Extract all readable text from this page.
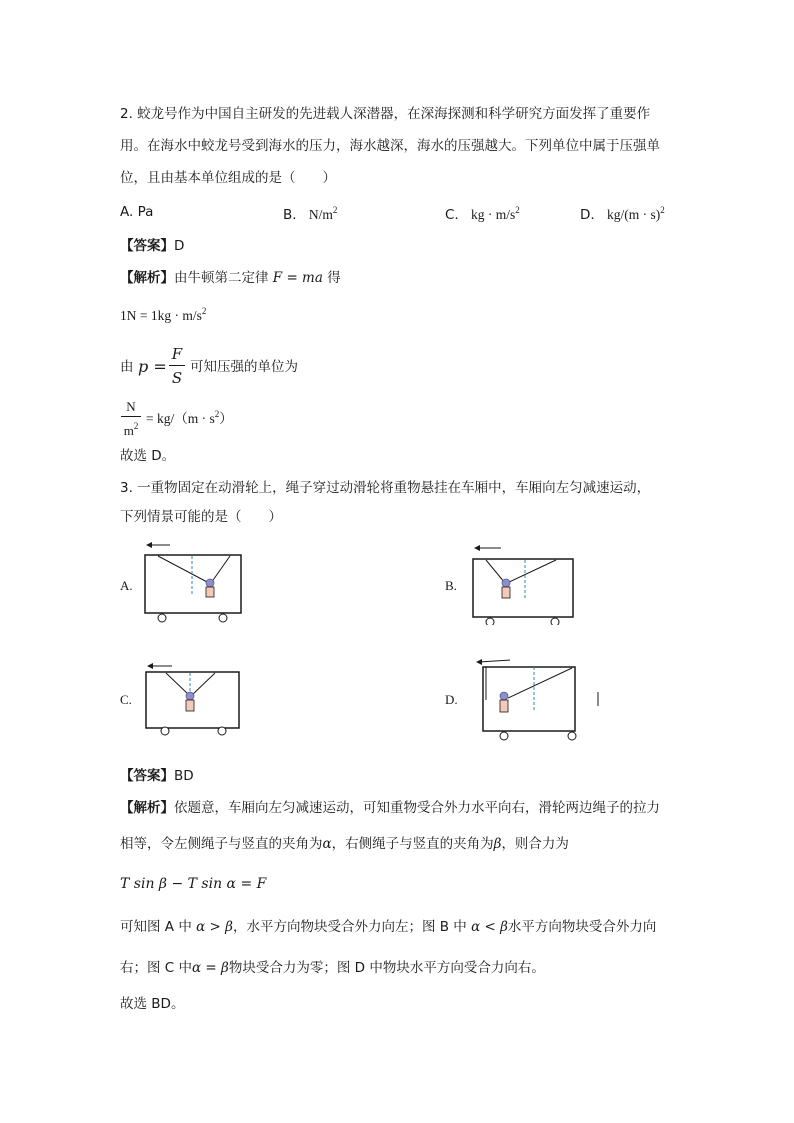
2. 蛟龙号作为中国自主研发的先进载人深潜器，在深海探测和科学研究方面发挥了重要作
用。在海水中蛟龙号受到海水的压力，海水越深，海水的压强越大。下列单位中属于压强单
位，且由基本单位组成的是（　　）
A. Pa	B. $N/m^2$	C. kg · $m/s^2$	D. $kg/(m \cdot s)^2$
【答案】D
【解析】由牛顿第二定律 F = ma 得
$1N = 1kg \cdot m/s^2$
由 p =
F
S
可知压强的单位为
N
$m^2 = kg/(m \cdot s^2)$
故选 D。
3. 一重物固定在动滑轮上，绳子穿过动滑轮将重物悬挂在车厢中，车厢向左匀减速运动，
下列情景可能的是（　　）
A.	B.
C.	D.
【答案】BD
【解析】依题意，车厢向左匀减速运动，可知重物受合外力水平向右，滑轮两边绳子的拉力
相等，令左侧绳子与竖直的夹角为α，右侧绳子与竖直的夹角为β，则合力为
T sin β − T sin α = F
可知图 A 中 α > β，水平方向物块受合外力向左；图 B 中 α < β水平方向物块受合外力向
右；图 C 中α = β物块受合力为零；图 D 中物块水平方向受合力向右。
故选 BD。
